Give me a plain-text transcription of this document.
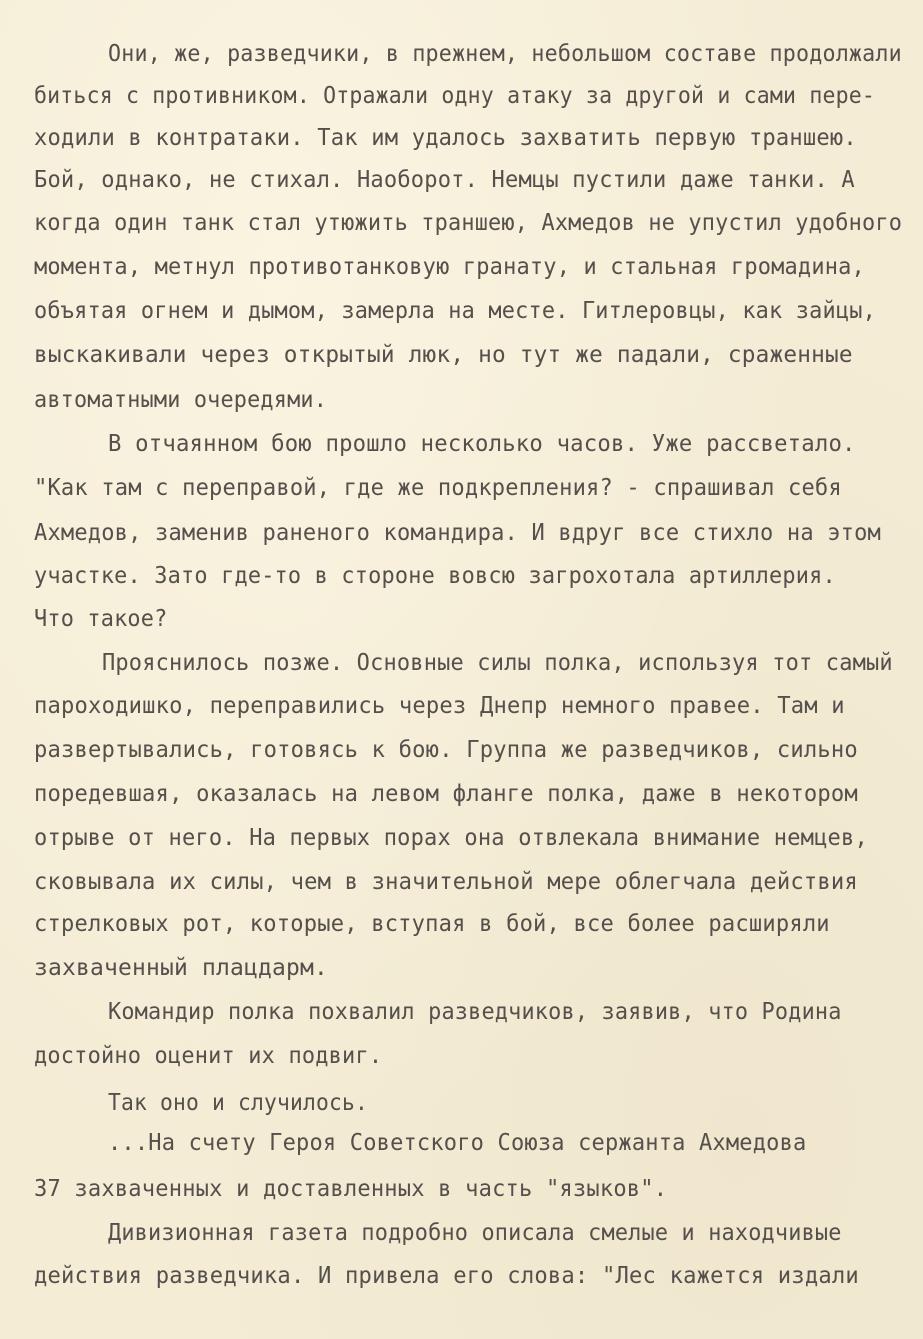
Они, же, разведчики, в прежнем, небольшом составе продолжали
биться с противником. Отражали одну атаку за другой и сами пере-
ходили в контратаки. Так им удалось захватить первую траншею.
Бой, однако, не стихал. Наоборот. Немцы пустили даже танки. А
когда один танк стал утюжить траншею, Ахмедов не упустил удобного
момента, метнул противотанковую гранату, и стальная громадина,
объятая огнем и дымом, замерла на месте. Гитлеровцы, как зайцы,
выскакивали через открытый люк, но тут же падали, сраженные
автоматными очередями.
В отчаянном бою прошло несколько часов. Уже рассветало.
"Как там с переправой, где же подкрепления? - спрашивал себя
Ахмедов, заменив раненого командира. И вдруг все стихло на этом
участке. Зато где-то в стороне вовсю загрохотала артиллерия.
Что такое?
Прояснилось позже. Основные силы полка, используя тот самый
пароходишко, переправились через Днепр немного правее. Там и
развертывались, готовясь к бою. Группа же разведчиков, сильно
поредевшая, оказалась на левом фланге полка, даже в некотором
отрыве от него. На первых порах она отвлекала внимание немцев,
сковывала их силы, чем в значительной мере облегчала действия
стрелковых рот, которые, вступая в бой, все более расширяли
захваченный плацдарм.
Командир полка похвалил разведчиков, заявив, что Родина
достойно оценит их подвиг.
Так оно и случилось.
...На счету Героя Советского Союза сержанта Ахмедова
37 захваченных и доставленных в часть "языков".
Дивизионная газета подробно описала смелые и находчивые
действия разведчика. И привела его слова: "Лес кажется издали
